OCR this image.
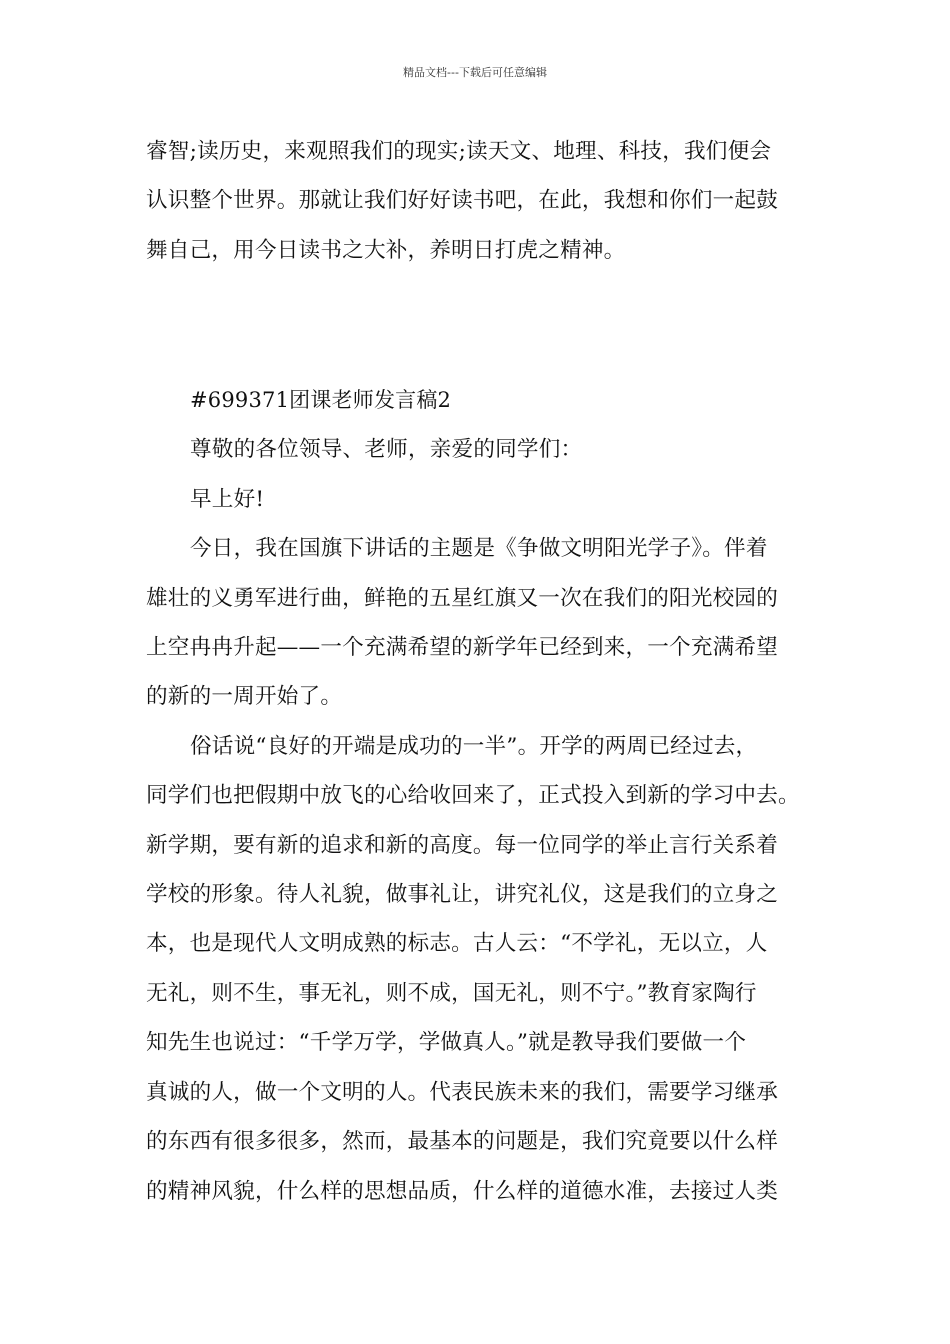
精品文档---下载后可任意编辑
睿智;读历史，来观照我们的现实;读天文、地理、科技，我们便会
认识整个世界。那就让我们好好读书吧，在此，我想和你们一起鼓
舞自己，用今日读书之大补，养明日打虎之精神。
#699371团课老师发言稿2
尊敬的各位领导、老师，亲爱的同学们：
早上好!
今日，我在国旗下讲话的主题是《争做文明阳光学子》。伴着
雄壮的义勇军进行曲，鲜艳的五星红旗又一次在我们的阳光校园的
上空冉冉升起——一个充满希望的新学年已经到来，一个充满希望
的新的一周开始了。
俗话说“良好的开端是成功的一半”。开学的两周已经过去，
同学们也把假期中放飞的心给收回来了，正式投入到新的学习中去。
新学期，要有新的追求和新的高度。每一位同学的举止言行关系着
学校的形象。待人礼貌，做事礼让，讲究礼仪，这是我们的立身之
本，也是现代人文明成熟的标志。古人云：“不学礼，无以立，人
无礼，则不生，事无礼，则不成，国无礼，则不宁。”教育家陶行
知先生也说过：“千学万学，学做真人。”就是教导我们要做一个
真诚的人，做一个文明的人。代表民族未来的我们，需要学习继承
的东西有很多很多，然而，最基本的问题是，我们究竟要以什么样
的精神风貌，什么样的思想品质，什么样的道德水准，去接过人类
